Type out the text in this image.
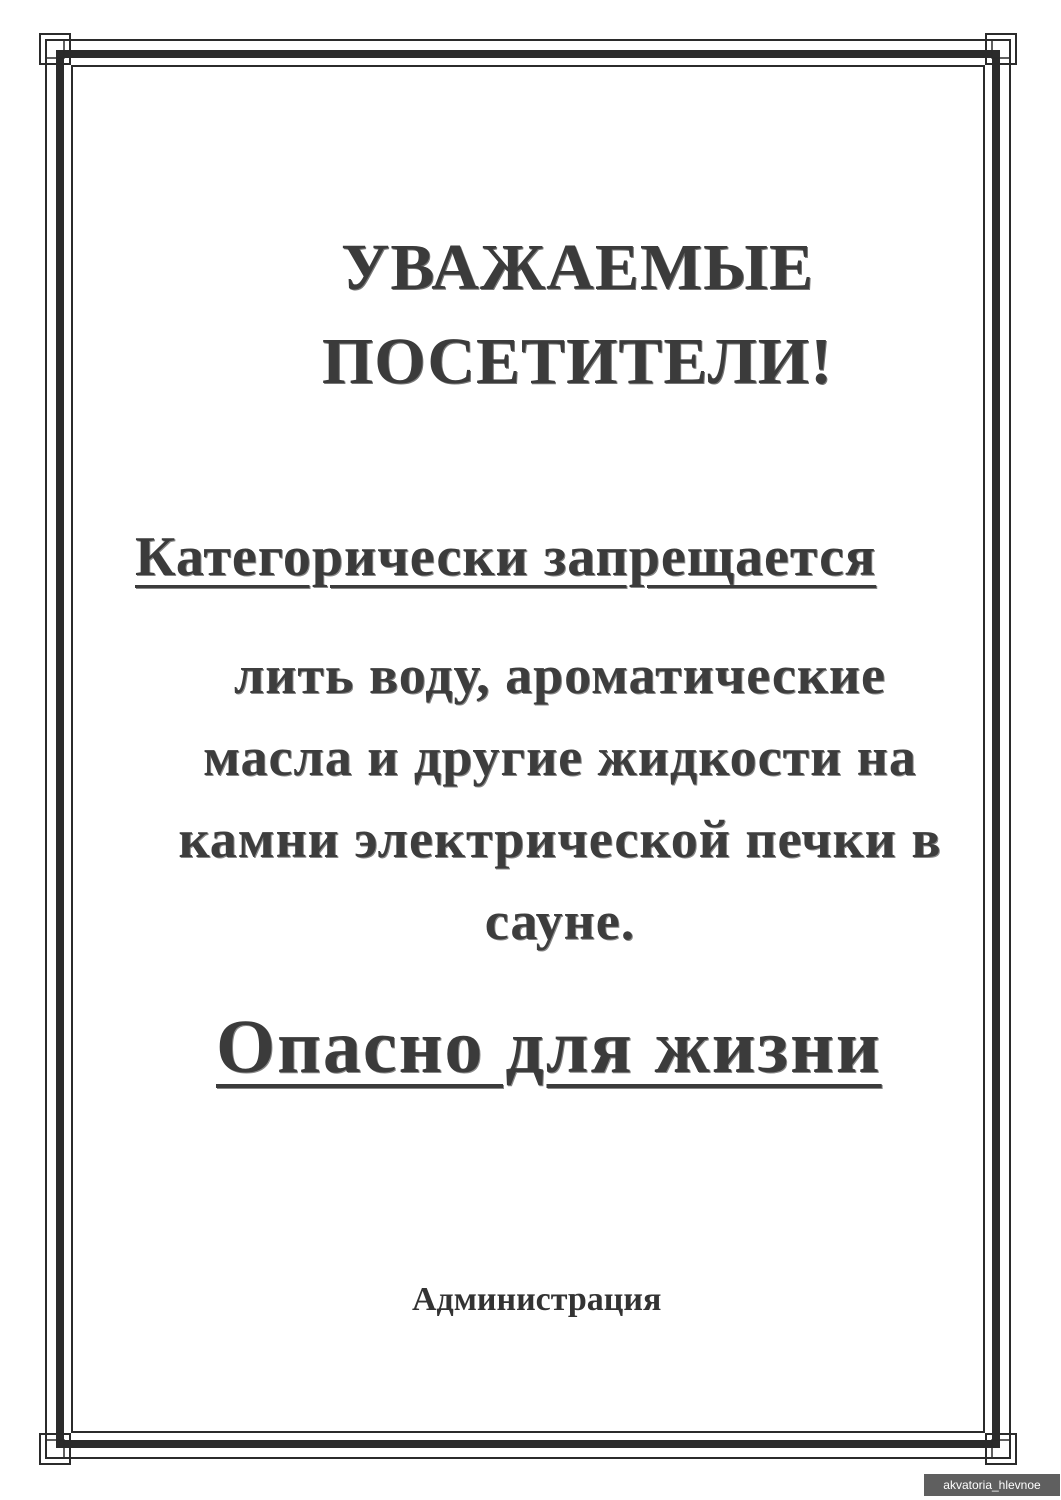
УВАЖАЕМЫЕ
ПОСЕТИТЕЛИ!
Категорически запрещается
лить воду, ароматические
масла и другие жидкости на
камни электрической печки в
сауне.
Опасно для жизни
Администрация
akvatoria_hlevnoe
